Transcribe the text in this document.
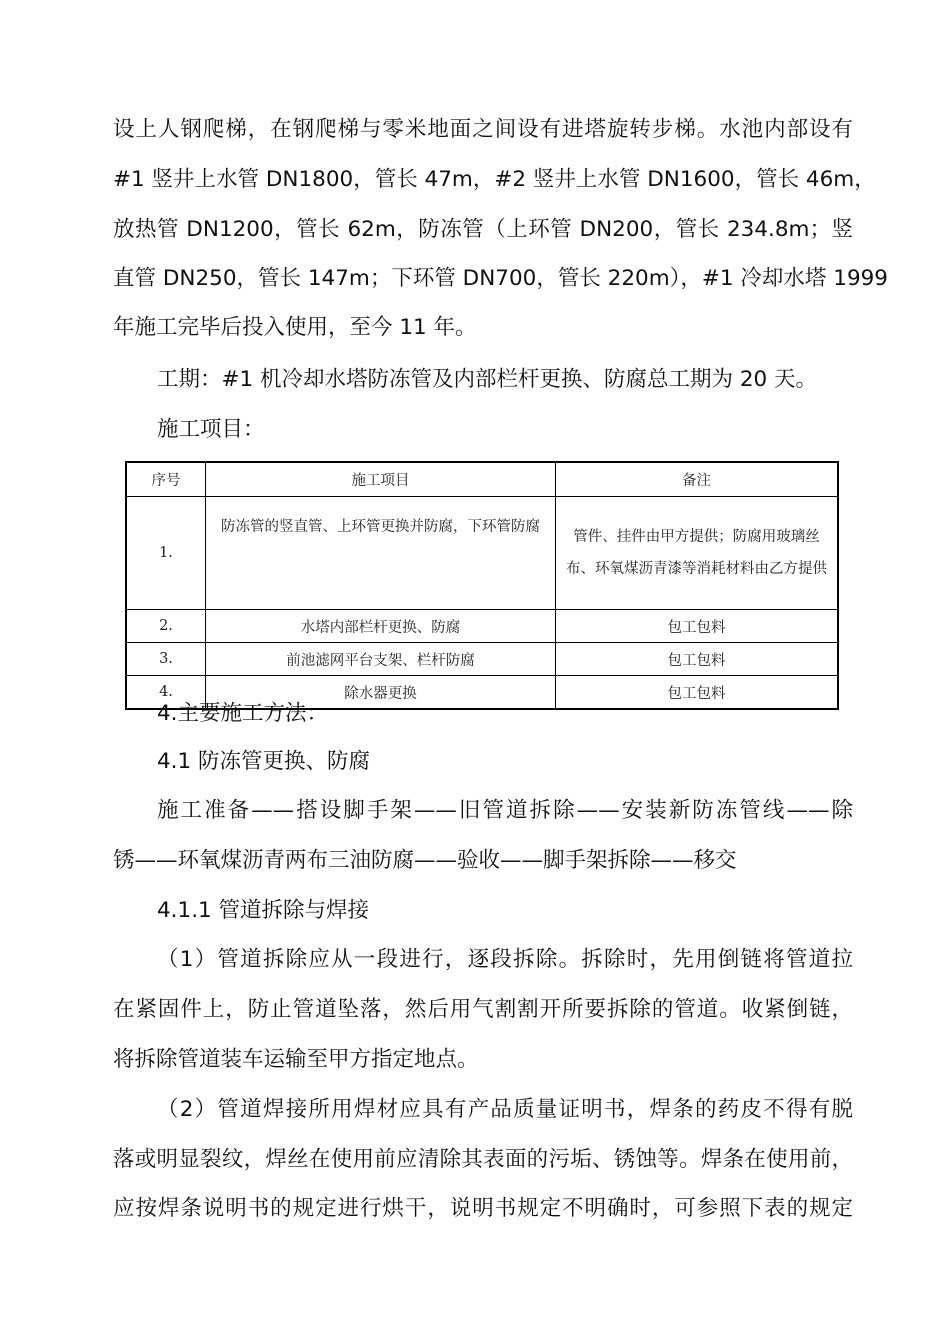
设上人钢爬梯，在钢爬梯与零米地面之间设有进塔旋转步梯。水池内部设有
#1 竖井上水管 DN1800，管长 47m，#2 竖井上水管 DN1600，管长 46m，
放热管 DN1200，管长 62m，防冻管（上环管 DN200，管长 234.8m；竖
直管 DN250，管长 147m；下环管 DN700，管长 220m），#1 冷却水塔 1999
年施工完毕后投入使用，至今 11 年。
工期：#1 机冷却水塔防冻管及内部栏杆更换、防腐总工期为 20 天。
施工项目：
序号	施工项目	备注
1.	防冻管的竖直管、上环管更换并防腐，下环管防腐	管件、挂件由甲方提供；防腐用玻璃丝布、环氧煤沥青漆等消耗材料由乙方提供
2.	水塔内部栏杆更换、防腐	包工包料
3.	前池滤网平台支架、栏杆防腐	包工包料
4.	除水器更换	包工包料
4.主要施工方法：
4.1 防冻管更换、防腐
施工准备——搭设脚手架——旧管道拆除——安装新防冻管线——除
锈——环氧煤沥青两布三油防腐——验收——脚手架拆除——移交
4.1.1 管道拆除与焊接
（1）管道拆除应从一段进行，逐段拆除。拆除时，先用倒链将管道拉
在紧固件上，防止管道坠落，然后用气割割开所要拆除的管道。收紧倒链，
将拆除管道装车运输至甲方指定地点。
（2）管道焊接所用焊材应具有产品质量证明书，焊条的药皮不得有脱
落或明显裂纹，焊丝在使用前应清除其表面的污垢、锈蚀等。焊条在使用前，
应按焊条说明书的规定进行烘干，说明书规定不明确时，可参照下表的规定
